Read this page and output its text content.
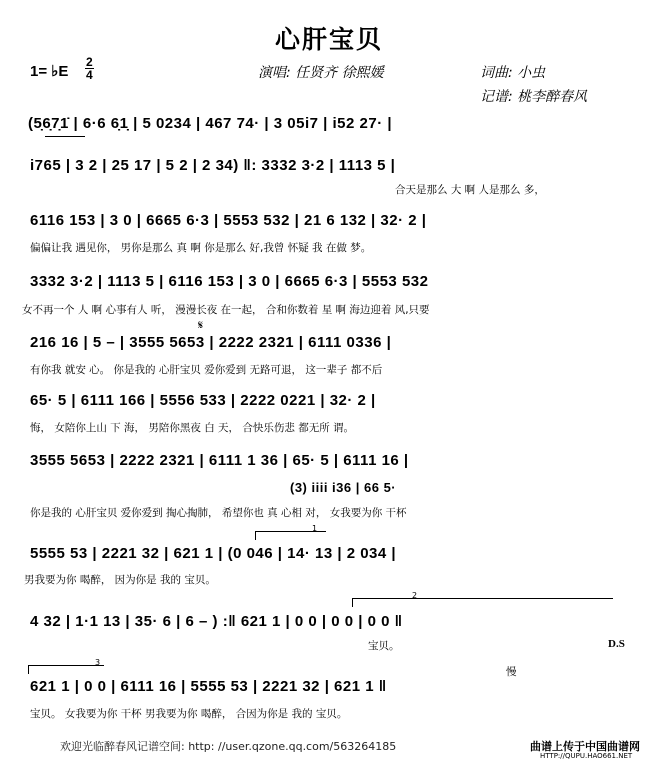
心肝宝贝
1= ♭E
2
4	演唱: 任贤齐 徐熙媛	词曲: 小虫
记谱: 桃李醉春风
(5̣6̣7̣1̇ | 6·6 6̣1̣ | 5 0234 | 467 74· | 3 05i7 | i52 27· |
i765 | 3 2 | 25 17 | 5 2 | 2 34) ‖: 3332 3·2 | 1113 5 |
合天是那么 大 啊 人是那么 多，
6116 153 | 3 0 | 6665 6·3 | 5553 532 | 21 6 132 | 32· 2 |
偏偏让我 遇见你， 男你是那么 真 啊 你是那么 好,我曾 怀疑 我 在做 梦。
3332 3·2 | 1113 5 | 6116 153 | 3 0 | 6665 6·3 | 5553 532
女不再一个 人 啊 心事有人 听， 漫漫长夜 在一起， 合和你数着 星 啊 海边迎着 风,只要
𝄋
216 16 | 5 – | 3555 5653 | 2222 2321 | 6111 0336 |
有你我 就安 心。 你是我的 心肝宝贝 爱你爱到 无路可退， 这一辈子 都不后
65· 5 | 6111 166 | 5556 533 | 2222 0221 | 32· 2 |
悔， 女陪你上山 下 海， 男陪你黑夜 白 天， 合快乐伤悲 都无所 谓。
3555 5653 | 2222 2321 | 6111 1 36 | 65· 5 | 6111 16 |
(3) iiii i36 | 66 5·
你是我的 心肝宝贝 爱你爱到 掏心掏肺， 希望你也 真 心相 对， 女我要为你 干杯
1
5555 53 | 2221 32 | 621 1 | (0 046 | 14· 13 | 2 034 |
男我要为你 喝醉， 因为你是 我的 宝贝。
2
4 32 | 1·1 13 | 35· 6 | 6 – ) :‖ 621 1 | 0 0 | 0 0 | 0 0 ‖
宝贝。	D.S
3
慢
621 1 | 0 0 | 6111 16 | 5555 53 | 2221 32 | 621 1 ‖
宝贝。 女我要为你 干杯 男我要为你 喝醉， 合因为你是 我的 宝贝。
欢迎光临醉春风记谱空间: http: //user.qzone.qq.com/563264185	曲谱上传于中国曲谱网
HTTP://QUPU.HAO661.NET
